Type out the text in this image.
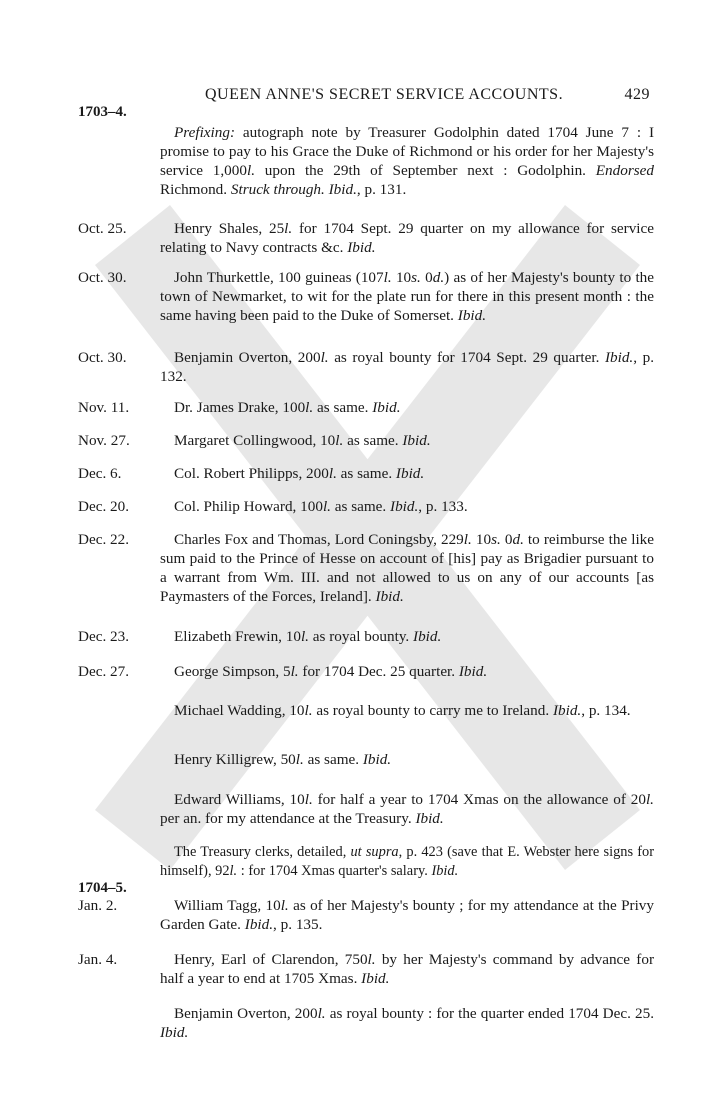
QUEEN ANNE'S SECRET SERVICE ACCOUNTS.	429
1703–4.

Prefixing: autograph note by Treasurer Godolphin dated 1704 June 7 : I promise to pay to his Grace the Duke of Richmond or his order for her Majesty's service 1,000l. upon the 29th of September next : Godolphin. Endorsed Richmond. Struck through. Ibid., p. 131.

Oct. 25.	Henry Shales, 25l. for 1704 Sept. 29 quarter on my allowance for service relating to Navy contracts &c. Ibid.

Oct. 30.	John Thurkettle, 100 guineas (107l. 10s. 0d.) as of her Majesty's bounty to the town of Newmarket, to wit for the plate run for there in this present month : the same having been paid to the Duke of Somerset. Ibid.

Oct. 30.	Benjamin Overton, 200l. as royal bounty for 1704 Sept. 29 quarter. Ibid., p. 132.

Nov. 11.	Dr. James Drake, 100l. as same. Ibid.

Nov. 27.	Margaret Collingwood, 10l. as same. Ibid.

Dec. 6.	Col. Robert Philipps, 200l. as same. Ibid.

Dec. 20.	Col. Philip Howard, 100l. as same. Ibid., p. 133.

Dec. 22.	Charles Fox and Thomas, Lord Coningsby, 229l. 10s. 0d. to reimburse the like sum paid to the Prince of Hesse on account of [his] pay as Brigadier pursuant to a warrant from Wm. III. and not allowed to us on any of our accounts [as Paymasters of the Forces, Ireland]. Ibid.

Dec. 23.	Elizabeth Frewin, 10l. as royal bounty. Ibid.

Dec. 27.	George Simpson, 5l. for 1704 Dec. 25 quarter. Ibid.

Michael Wadding, 10l. as royal bounty to carry me to Ireland. Ibid., p. 134.

Henry Killigrew, 50l. as same. Ibid.

Edward Williams, 10l. for half a year to 1704 Xmas on the allowance of 20l. per an. for my attendance at the Treasury. Ibid.

The Treasury clerks, detailed, ut supra, p. 423 (save that E. Webster here signs for himself), 92l. : for 1704 Xmas quarter's salary. Ibid.

1704–5.
Jan. 2.	William Tagg, 10l. as of her Majesty's bounty ; for my attendance at the Privy Garden Gate. Ibid., p. 135.

Jan. 4.	Henry, Earl of Clarendon, 750l. by her Majesty's command by advance for half a year to end at 1705 Xmas. Ibid.

Benjamin Overton, 200l. as royal bounty : for the quarter ended 1704 Dec. 25. Ibid.
